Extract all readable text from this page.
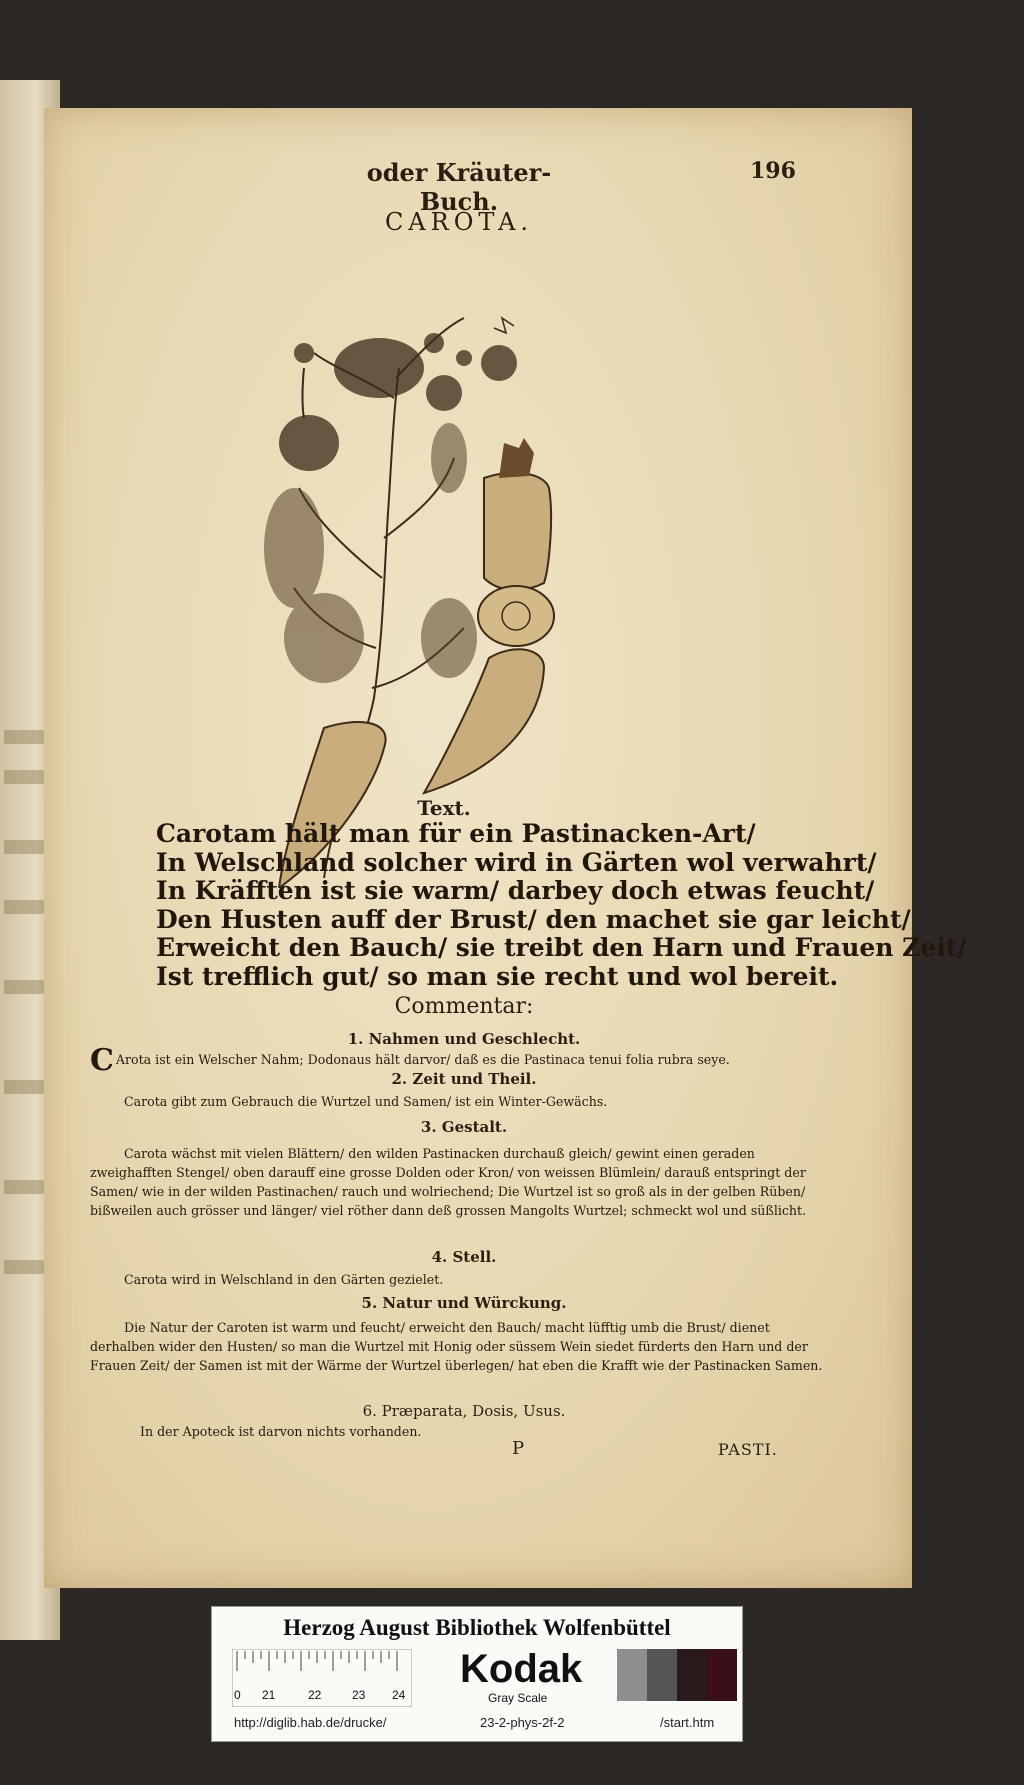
oder Kräuter-Buch.
196
CAROTA.
Text.
Carotam hält man für ein Pastinacken-Art/
In Welschland solcher wird in Gärten wol verwahrt/
In Kräfften ist sie warm/ darbey doch etwas feucht/
Den Husten auff der Brust/ den machet sie gar leicht/
Erweicht den Bauch/ sie treibt den Harn und Frauen Zeit/
Ist trefflich gut/ so man sie recht und wol bereit.
Commentar:
1. Nahmen und Geschlecht.
C Arota ist ein Welscher Nahm; Dodonaus hält darvor/ daß es die Pastinaca tenui folia rubra seye.
2. Zeit und Theil.
Carota gibt zum Gebrauch die Wurtzel und Samen/ ist ein Winter-Gewächs.
3. Gestalt.
Carota wächst mit vielen Blättern/ den wilden Pastinacken durchauß gleich/ gewint einen geraden zweighafften Stengel/ oben darauff eine grosse Dolden oder Kron/ von weissen Blümlein/ darauß entspringt der Samen/ wie in der wilden Pastinachen/ rauch und wolriechend; Die Wurtzel ist so groß als in der gelben Rüben/ bißweilen auch grösser und länger/ viel röther dann deß grossen Mangolts Wurtzel; schmeckt wol und süßlicht.
4. Stell.
Carota wird in Welschland in den Gärten gezielet.
5. Natur und Würckung.
Die Natur der Caroten ist warm und feucht/ erweicht den Bauch/ macht lüfftig umb die Brust/ dienet derhalben wider den Husten/ so man die Wurtzel mit Honig oder süssem Wein siedet fürderts den Harn und der Frauen Zeit/ der Samen ist mit der Wärme der Wurtzel überlegen/ hat eben die Krafft wie der Pastinacken Samen.
6. Præparata, Dosis, Usus.
In der Apoteck ist darvon nichts vorhanden.
P	PASTI.
Herzog August Bibliothek Wolfenbüttel
0 21	22	23 24
Kodak
Gray Scale
http://diglib.hab.de/drucke/	23-2-phys-2f-2	/start.htm
